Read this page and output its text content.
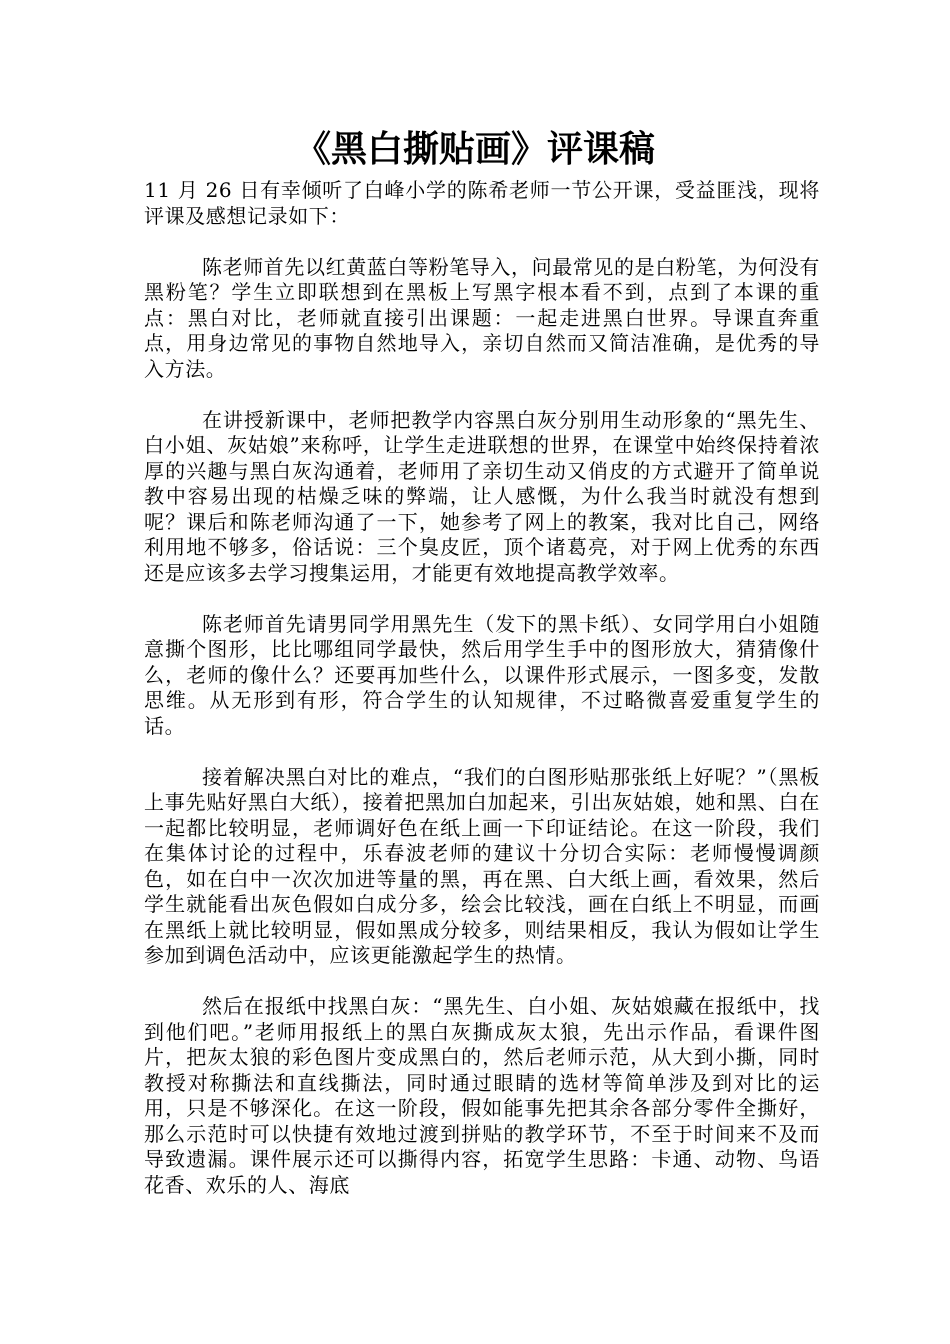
《黑白撕贴画》评课稿

11 月 26 日有幸倾听了白峰小学的陈希老师一节公开课，受益匪浅，现将评课及感想记录如下：

陈老师首先以红黄蓝白等粉笔导入，问最常见的是白粉笔，为何没有黑粉笔？学生立即联想到在黑板上写黑字根本看不到，点到了本课的重点：黑白对比，老师就直接引出课题：一起走进黑白世界。导课直奔重点，用身边常见的事物自然地导入，亲切自然而又简洁准确，是优秀的导入方法。

在讲授新课中，老师把教学内容黑白灰分别用生动形象的“黑先生、白小姐、灰姑娘”来称呼，让学生走进联想的世界，在课堂中始终保持着浓厚的兴趣与黑白灰沟通着，老师用了亲切生动又俏皮的方式避开了简单说教中容易出现的枯燥乏味的弊端，让人感慨，为什么我当时就没有想到呢？课后和陈老师沟通了一下，她参考了网上的教案，我对比自己，网络利用地不够多，俗话说：三个臭皮匠，顶个诸葛亮，对于网上优秀的东西还是应该多去学习搜集运用，才能更有效地提高教学效率。

陈老师首先请男同学用黑先生（发下的黑卡纸）、女同学用白小姐随意撕个图形，比比哪组同学最快，然后用学生手中的图形放大，猜猜像什么，老师的像什么？还要再加些什么，以课件形式展示，一图多变，发散思维。从无形到有形，符合学生的认知规律，不过略微喜爱重复学生的话。

接着解决黑白对比的难点，“我们的白图形贴那张纸上好呢？”（黑板上事先贴好黑白大纸），接着把黑加白加起来，引出灰姑娘，她和黑、白在一起都比较明显，老师调好色在纸上画一下印证结论。在这一阶段，我们在集体讨论的过程中，乐春波老师的建议十分切合实际：老师慢慢调颜色，如在白中一次次加进等量的黑，再在黑、白大纸上画，看效果，然后学生就能看出灰色假如白成分多，绘会比较浅，画在白纸上不明显，而画在黑纸上就比较明显，假如黑成分较多，则结果相反，我认为假如让学生参加到调色活动中，应该更能激起学生的热情。

然后在报纸中找黑白灰：“黑先生、白小姐、灰姑娘藏在报纸中，找到他们吧。”老师用报纸上的黑白灰撕成灰太狼，先出示作品，看课件图片，把灰太狼的彩色图片变成黑白的，然后老师示范，从大到小撕，同时教授对称撕法和直线撕法，同时通过眼睛的选材等简单涉及到对比的运用，只是不够深化。在这一阶段，假如能事先把其余各部分零件全撕好，那么示范时可以快捷有效地过渡到拼贴的教学环节，不至于时间来不及而导致遗漏。课件展示还可以撕得内容，拓宽学生思路：卡通、动物、鸟语花香、欢乐的人、海底
